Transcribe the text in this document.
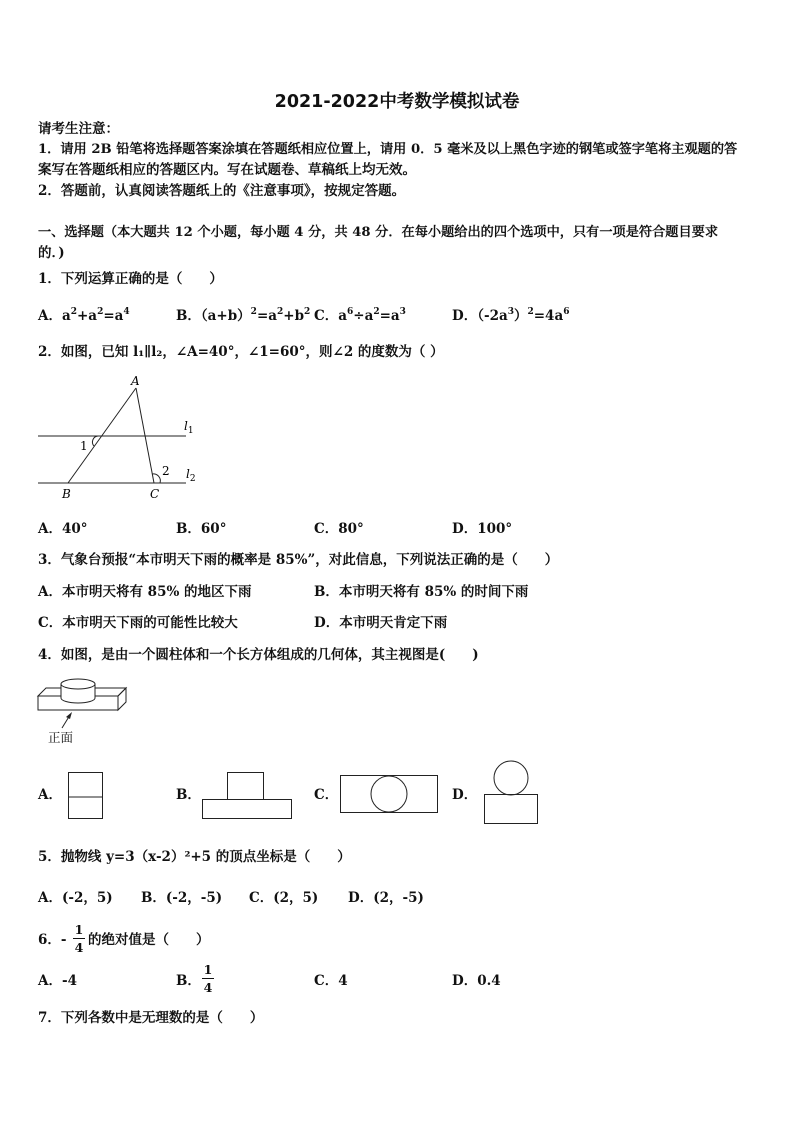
2021-2022中考数学模拟试卷
请考生注意：
1．请用 2B 铅笔将选择题答案涂填在答题纸相应位置上，请用 0．5 毫米及以上黑色字迹的钢笔或签字笔将主观题的答
案写在答题纸相应的答题区内。写在试题卷、草稿纸上均无效。
2．答题前，认真阅读答题纸上的《注意事项》，按规定答题。
一、选择题（本大题共 12 个小题，每小题 4 分，共 48 分．在每小题给出的四个选项中，只有一项是符合题目要求
的．)
1．下列运算正确的是（　　）
A．$a^2+a^2=a^4$	B．$(a+b)^2=a^2+b^2$ C．$a^6\div a^2=a^3$	D．$(-2a^3)^2=4a^6$
2．如图，已知 l₁∥l₂，∠A=40°，∠1=60°，则∠2 的度数为（ ）
A
B	C
1
2
$l_1$
$l_2$
A．40°	B．60°	C．80°	D．100°
3．气象台预报“本市明天下雨的概率是 85%”，对此信息，下列说法正确的是（　　）
A．本市明天将有 85% 的地区下雨	B．本市明天将有 85% 的时间下雨
C．本市明天下雨的可能性比较大	D．本市明天肯定下雨
4．如图，是由一个圆柱体和一个长方体组成的几何体，其主视图是(　　)
正面
A．	B．	C．	D．
5．抛物线 y=3（x-2）²+5 的顶点坐标是（　　）
A．(-2，5) B．(-2，-5) C．(2，5) D．(2，-5)
6．-
1
4 的绝对值是（　　）
A．-4	B．
1
4	C．4	D．0.4
7．下列各数中是无理数的是（　　）
